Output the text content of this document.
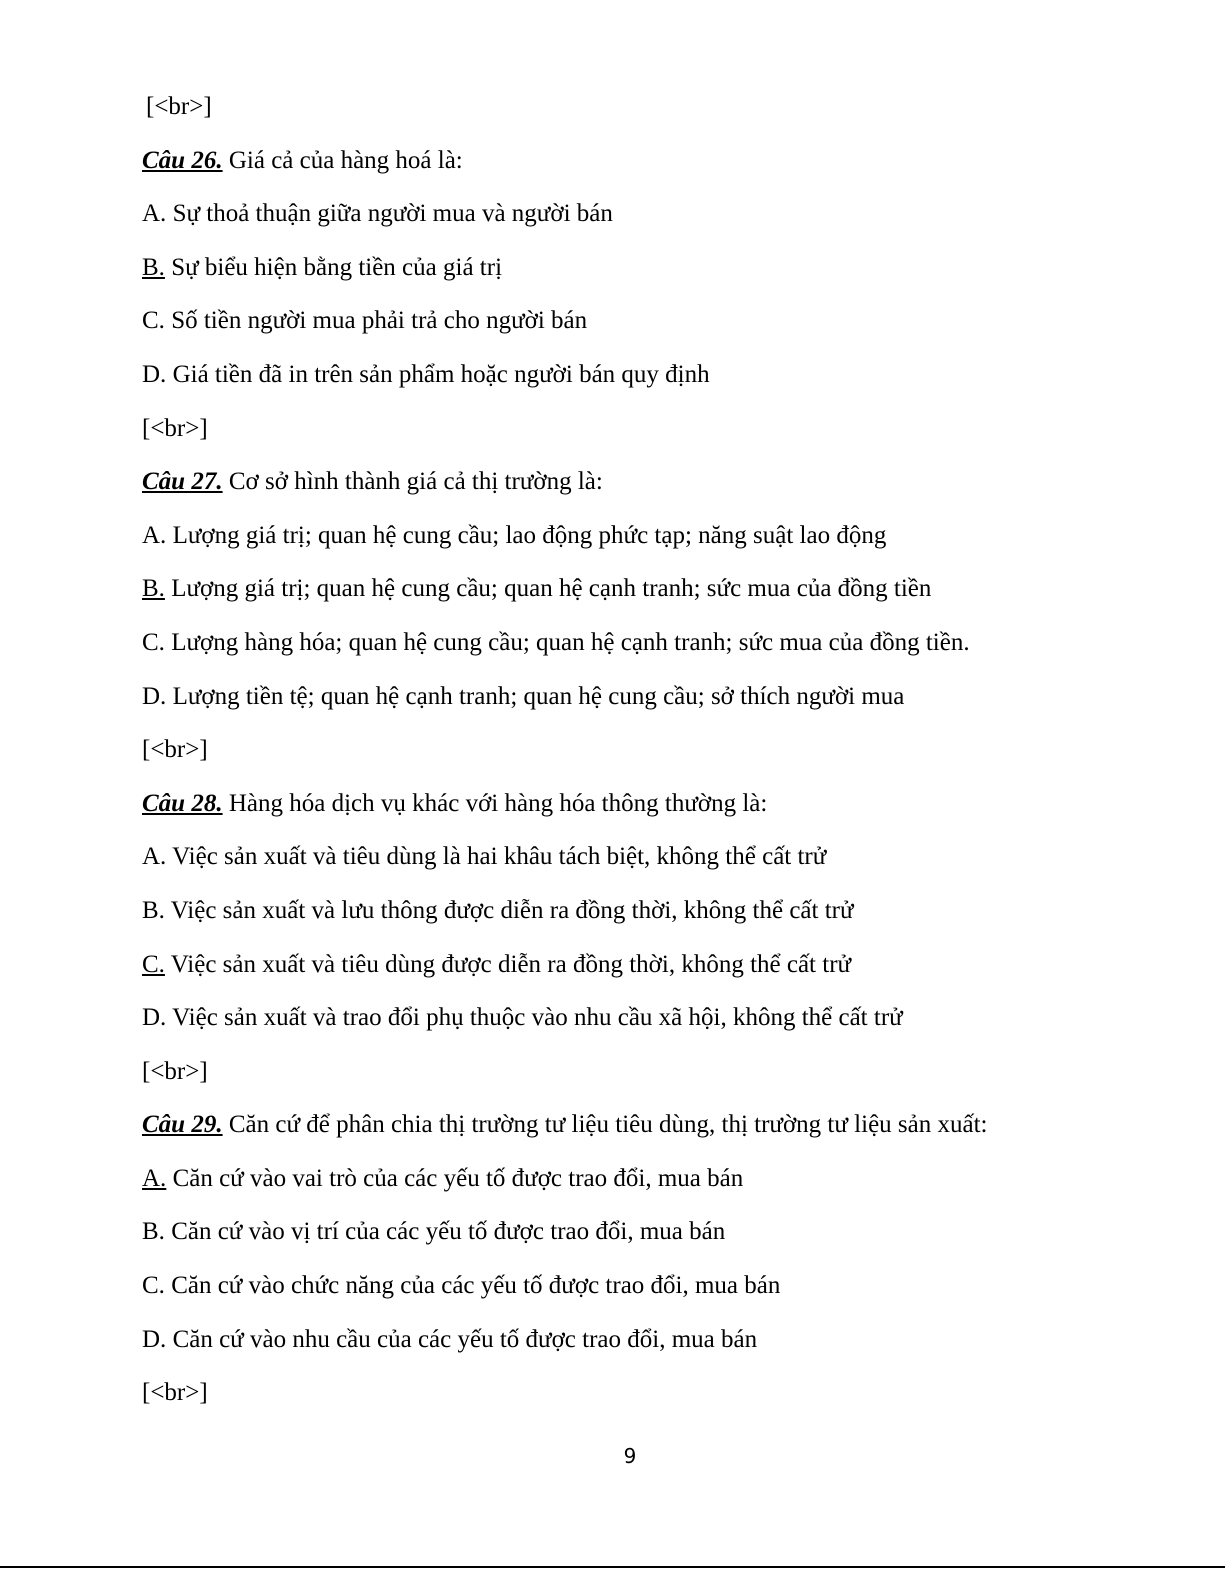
[<br>]
Câu 26. Giá cả của hàng hoá là:
A. Sự thoả thuận giữa người mua và người bán
B. Sự biểu hiện bằng tiền của giá trị
C. Số tiền người mua phải trả cho người bán
D. Giá tiền đã in trên sản phẩm hoặc người bán quy định
[<br>]
Câu 27. Cơ sở hình thành giá cả thị trường là:
A. Lượng giá trị; quan hệ cung cầu; lao động phức tạp; năng suật lao động
B. Lượng giá trị; quan hệ cung cầu; quan hệ cạnh tranh; sức mua của đồng tiền
C. Lượng hàng hóa; quan hệ cung cầu; quan hệ cạnh tranh; sức mua của đồng tiền.
D. Lượng tiền tệ; quan hệ cạnh tranh; quan hệ cung cầu; sở thích người mua
[<br>]
Câu 28. Hàng hóa dịch vụ khác với hàng hóa thông thường là:
A. Việc sản xuất và tiêu dùng là hai khâu tách biệt, không thể cất trử
B. Việc sản xuất và lưu thông được diễn ra đồng thời, không thể cất trử
C. Việc sản xuất và tiêu dùng được diễn ra đồng thời, không thể cất trử
D. Việc sản xuất và trao đổi phụ thuộc vào nhu cầu xã hội, không thể cất trử
[<br>]
Câu 29. Căn cứ để phân chia thị trường tư liệu tiêu dùng, thị trường tư liệu sản xuất:
A. Căn cứ vào vai trò của các yếu tố được trao đổi, mua bán
B. Căn cứ vào vị trí của các yếu tố được trao đổi, mua bán
C. Căn cứ vào chức năng của các yếu tố được trao đổi, mua bán
D. Căn cứ vào nhu cầu của các yếu tố được trao đổi, mua bán
[<br>]
9
